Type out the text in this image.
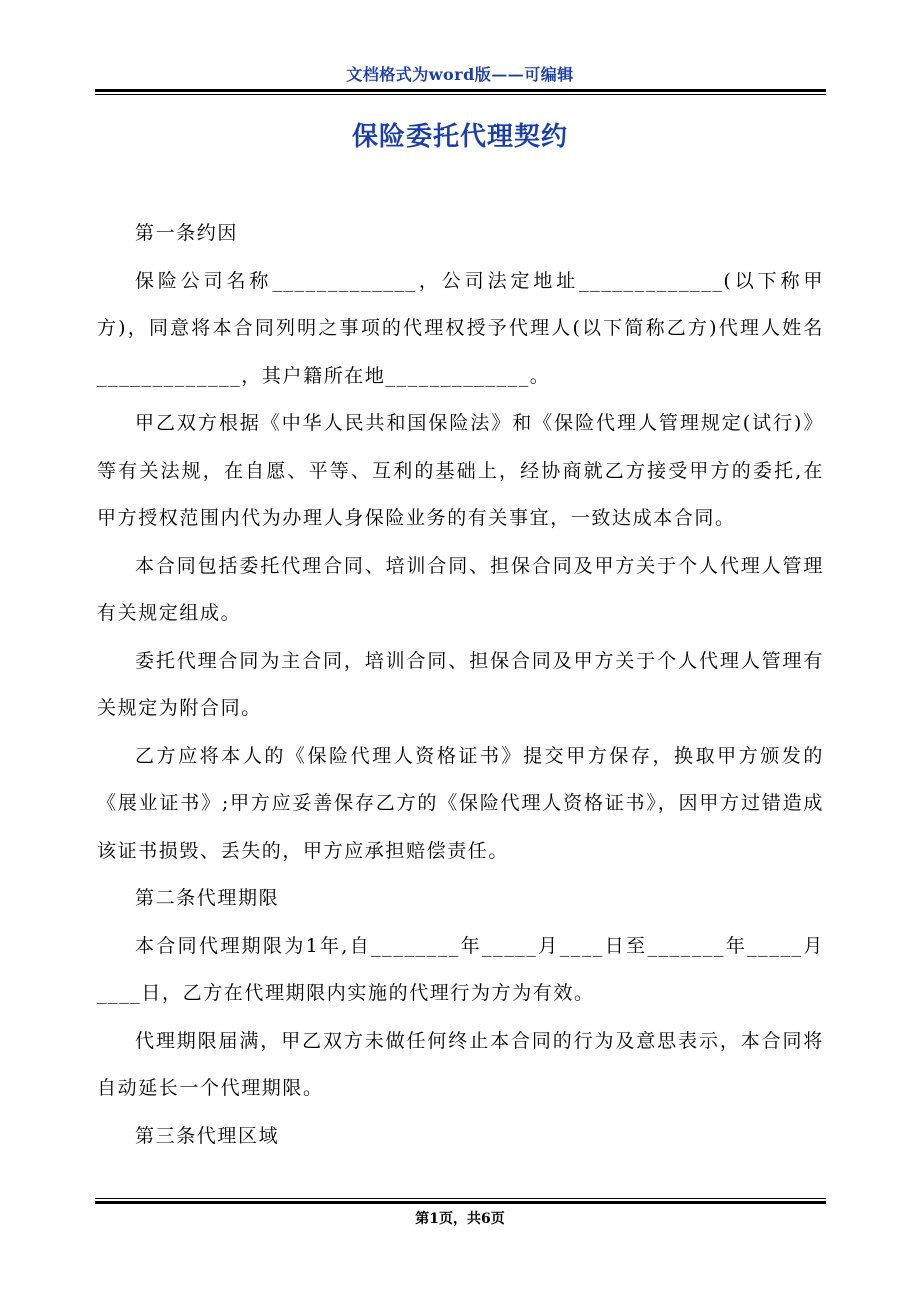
文档格式为word版——可编辑
保险委托代理契约

第一条约因

保险公司名称_____________，公司法定地址_____________(以下称甲方)，同意将本合同列明之事项的代理权授予代理人(以下简称乙方)代理人姓名_____________，其户籍所在地_____________。

甲乙双方根据《中华人民共和国保险法》和《保险代理人管理规定(试行)》等有关法规，在自愿、平等、互利的基础上，经协商就乙方接受甲方的委托,在甲方授权范围内代为办理人身保险业务的有关事宜，一致达成本合同。

本合同包括委托代理合同、培训合同、担保合同及甲方关于个人代理人管理有关规定组成。

委托代理合同为主合同，培训合同、担保合同及甲方关于个人代理人管理有关规定为附合同。

乙方应将本人的《保险代理人资格证书》提交甲方保存，换取甲方颁发的《展业证书》;甲方应妥善保存乙方的《保险代理人资格证书》，因甲方过错造成该证书损毁、丢失的，甲方应承担赔偿责任。

第二条代理期限

本合同代理期限为1年,自________年_____月____日至_______年_____月____日，乙方在代理期限内实施的代理行为方为有效。

代理期限届满，甲乙双方未做任何终止本合同的行为及意思表示，本合同将自动延长一个代理期限。

第三条代理区域

第1页，共6页
